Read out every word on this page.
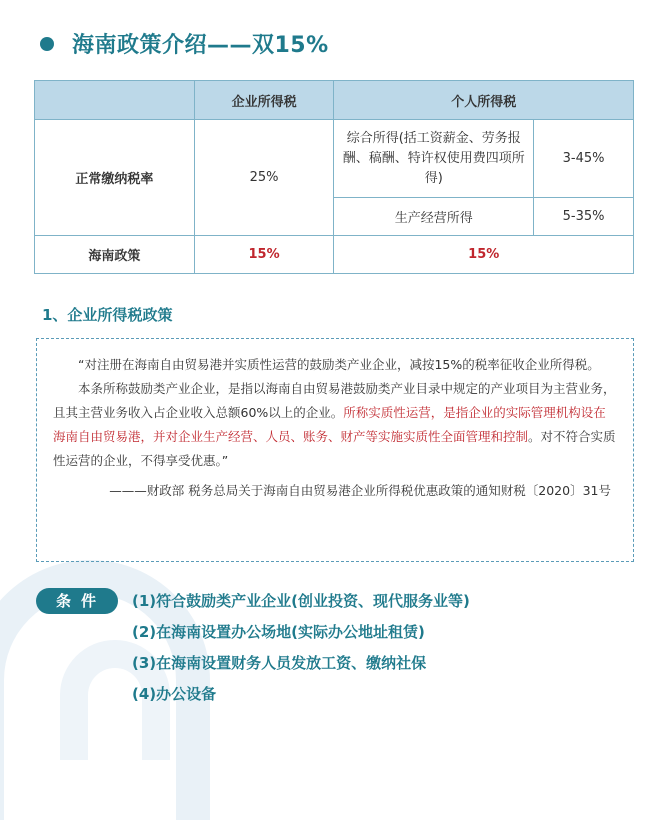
海南政策介绍——双15%
	企业所得税	个人所得税	
正常缴纳税率	25%	综合所得(括工资薪金、劳务报酬、稿酬、特许权使用费四项所得)	3-45%
		生产经营所得	5-35%
海南政策	15%	15%	
1、企业所得税政策

“对注册在海南自由贸易港并实质性运营的鼓励类产业企业，减按15%的税率征收企业所得税。

本条所称鼓励类产业企业，是指以海南自由贸易港鼓励类产业目录中规定的产业项目为主营业务，且其主营业务收入占企业收入总额60%以上的企业。所称实质性运营，是指企业的实际管理机构设在海南自由贸易港，并对企业生产经营、人员、账务、财产等实施实质性全面管理和控制。对不符合实质性运营的企业，不得享受优惠。”

———财政部 税务总局关于海南自由贸易港企业所得税优惠政策的通知财税〔2020〕31号
条件	(1)符合鼓励类产业企业(创业投资、现代服务业等)
(2)在海南设置办公场地(实际办公地址租赁)
(3)在海南设置财务人员发放工资、缴纳社保
(4)办公设备
